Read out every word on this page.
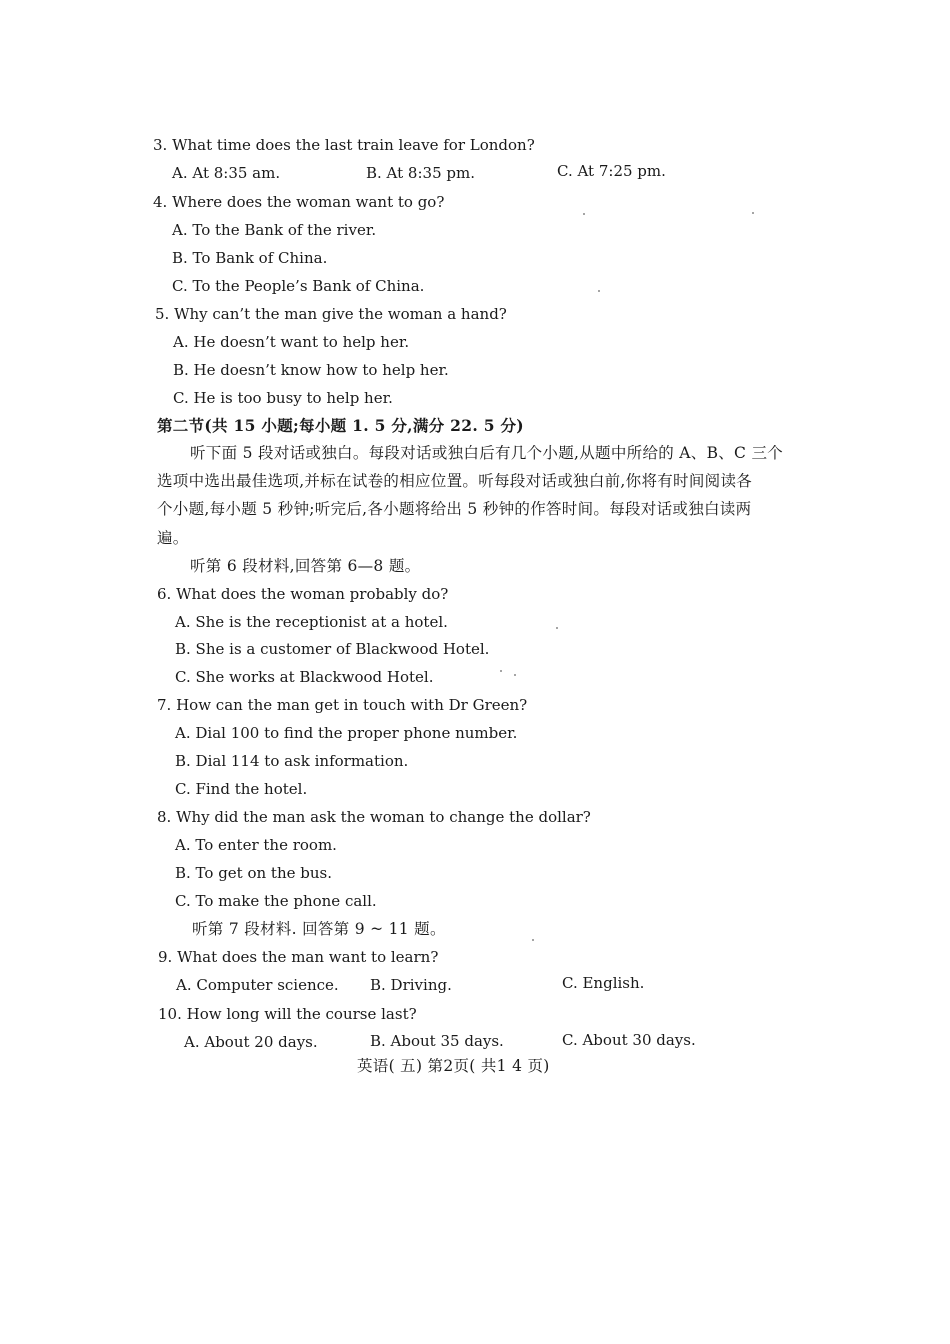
3. What time does the last train leave for London?
A. At 8:35 am.	B. At 8:35 pm.	C. At 7:25 pm.
4. Where does the woman want to go?
A. To the Bank of the river.
B. To Bank of China.
C. To the People’s Bank of China.
5. Why can’t the man give the woman a hand?
A. He doesn’t want to help her.
B. He doesn’t know how to help her.
C. He is too busy to help her.
第二节(共 15 小题;每小题 1. 5 分,满分 22. 5 分)
听下面 5 段对话或独白。每段对话或独白后有几个小题,从题中所给的 A、B、C 三个
选项中选出最佳选项,并标在试卷的相应位置。听每段对话或独白前,你将有时间阅读各
个小题,每小题 5 秒钟;听完后,各小题将给出 5 秒钟的作答时间。每段对话或独白读两
遍。
听第 6 段材料,回答第 6—8 题。
6. What does the woman probably do?
A. She is the receptionist at a hotel.
B. She is a customer of Blackwood Hotel.
C. She works at Blackwood Hotel.
7. How can the man get in touch with Dr Green?
A. Dial 100 to find the proper phone number.
B. Dial 114 to ask information.
C. Find the hotel.
8. Why did the man ask the woman to change the dollar?
A. To enter the room.
B. To get on the bus.
C. To make the phone call.
听第 7 段材料. 回答第 9 ~ 11 题。
9. What does the man want to learn?
A. Computer science. B. Driving.	C. English.
10. How long will the course last?
A. About 20 days.	B. About 35 days.	C. About 30 days.
英语( 五) 第2页( 共1 4 页)
